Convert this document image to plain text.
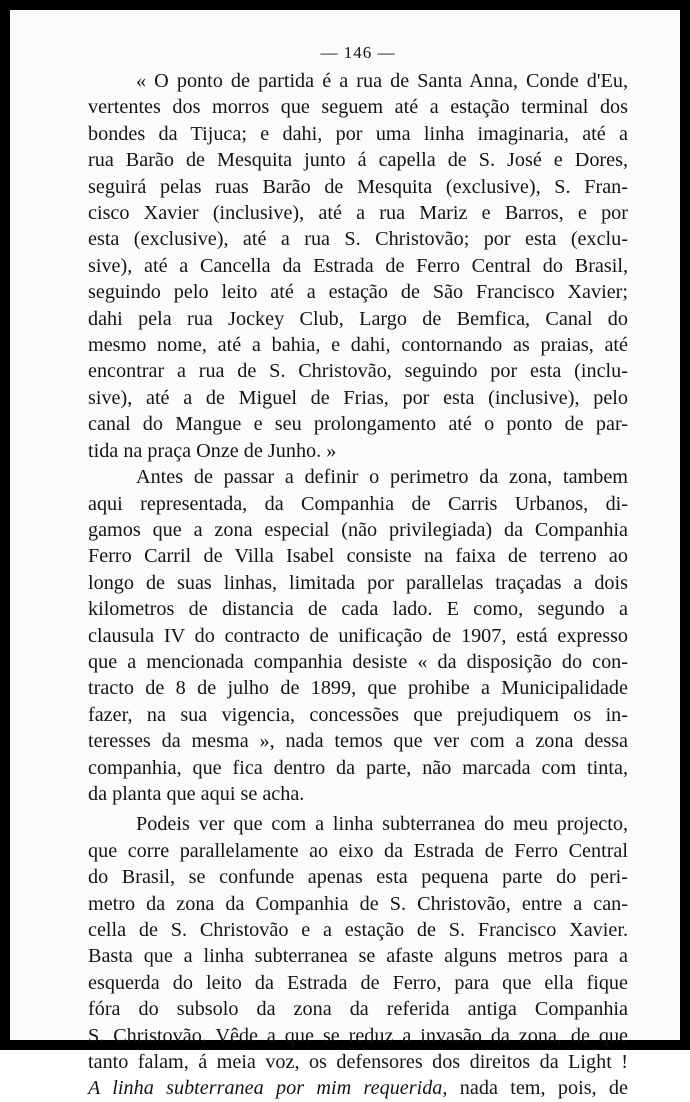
— 146 —
« O ponto de partida é a rua de Santa Anna, Conde d'Eu,
vertentes dos morros que seguem até a estação terminal dos
bondes da Tijuca; e dahi, por uma linha imaginaria, até a
rua Barão de Mesquita junto á capella de S. José e Dores,
seguirá pelas ruas Barão de Mesquita (exclusive), S. Fran-
cisco Xavier (inclusive), até a rua Mariz e Barros, e por
esta (exclusive), até a rua S. Christovão; por esta (exclu-
sive), até a Cancella da Estrada de Ferro Central do Brasil,
seguindo pelo leito até a estação de São Francisco Xavier;
dahi pela rua Jockey Club, Largo de Bemfica, Canal do
mesmo nome, até a bahia, e dahi, contornando as praias, até
encontrar a rua de S. Christovão, seguindo por esta (inclu-
sive), até a de Miguel de Frias, por esta (inclusive), pelo
canal do Mangue e seu prolongamento até o ponto de par-
tida na praça Onze de Junho. »
Antes de passar a definir o perimetro da zona, tambem
aqui representada, da Companhia de Carris Urbanos, di-
gamos que a zona especial (não privilegiada) da Companhia
Ferro Carril de Villa Isabel consiste na faixa de terreno ao
longo de suas linhas, limitada por parallelas traçadas a dois
kilometros de distancia de cada lado. E como, segundo a
clausula IV do contracto de unificação de 1907, está expresso
que a mencionada companhia desiste « da disposição do con-
tracto de 8 de julho de 1899, que prohibe a Municipalidade
fazer, na sua vigencia, concessões que prejudiquem os in-
teresses da mesma », nada temos que ver com a zona dessa
companhia, que fica dentro da parte, não marcada com tinta,
da planta que aqui se acha.
Podeis ver que com a linha subterranea do meu projecto,
que corre parallelamente ao eixo da Estrada de Ferro Central
do Brasil, se confunde apenas esta pequena parte do peri-
metro da zona da Companhia de S. Christovão, entre a can-
cella de S. Christovão e a estação de S. Francisco Xavier.
Basta que a linha subterranea se afaste alguns metros para a
esquerda do leito da Estrada de Ferro, para que ella fique
fóra do subsolo da zona da referida antiga Companhia
S. Christovão. Vêde a que se reduz a invasão da zona, de que
tanto falam, á meia voz, os defensores dos direitos da Light !
A linha subterranea por mim requerida, nada tem, pois, de
